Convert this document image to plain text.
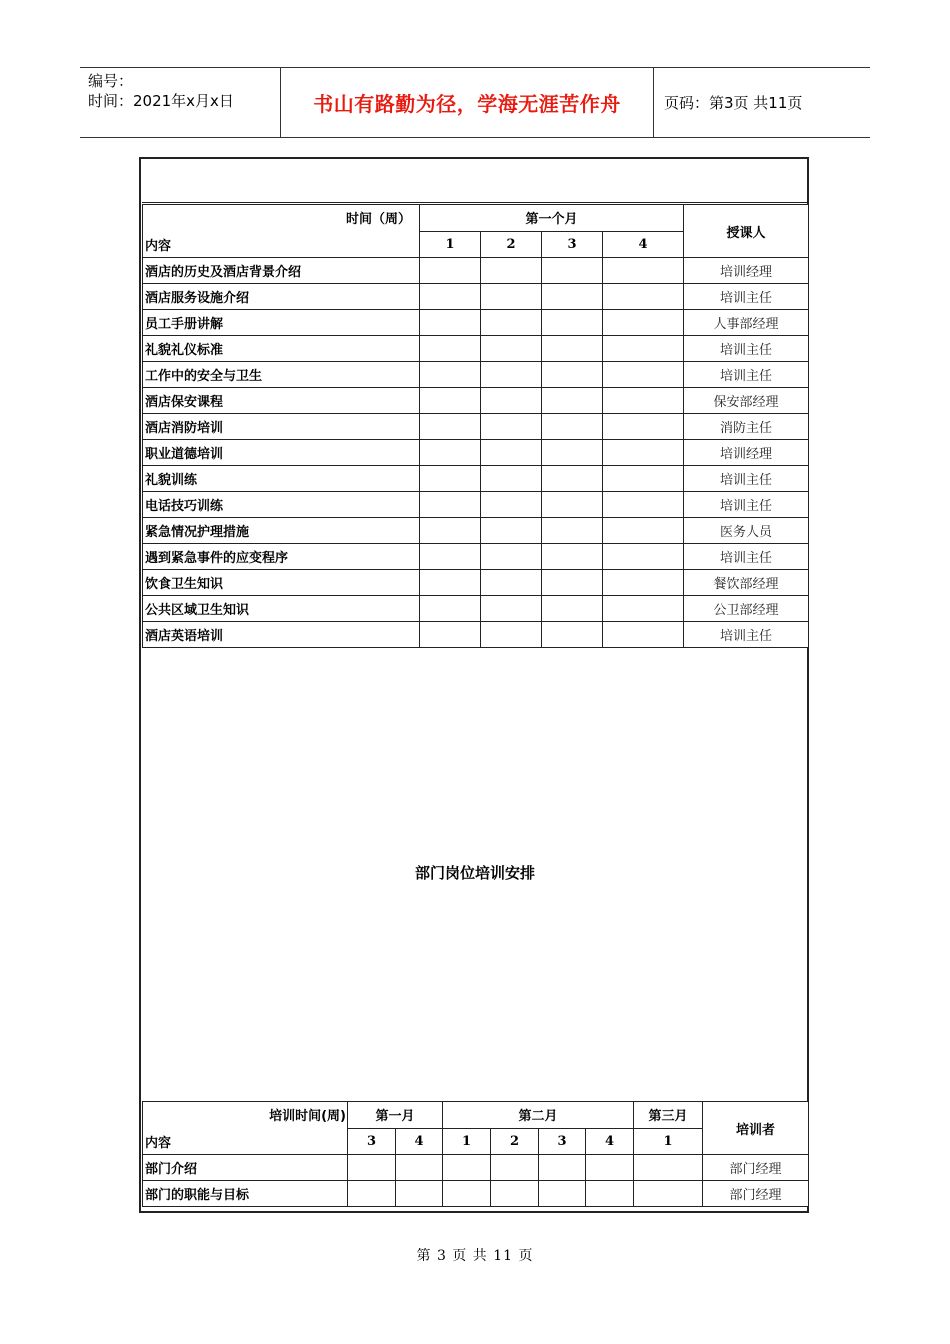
编号：
时间：2021年x月x日	书山有路勤为径，学海无涯苦作舟	页码：第3页 共11页
时间（周）
内容	第一个月				授课人
	1	2	3	4	
酒店的历史及酒店背景介绍					培训经理
酒店服务设施介绍					培训主任
员工手册讲解					人事部经理
礼貌礼仪标准					培训主任
工作中的安全与卫生					培训主任
酒店保安课程					保安部经理
酒店消防培训					消防主任
职业道德培训					培训经理
礼貌训练					培训主任
电话技巧训练					培训主任
紧急情况护理措施					医务人员
遇到紧急事件的应变程序					培训主任
饮食卫生知识					餐饮部经理
公共区域卫生知识					公卫部经理
酒店英语培训					培训主任
部门岗位培训安排
培训时间(周)
内容	第一月		第二月				第三月	培训者
	3	4	1	2	3	4	1	
部门介绍								部门经理
部门的职能与目标								部门经理
第 3 页 共 11 页
